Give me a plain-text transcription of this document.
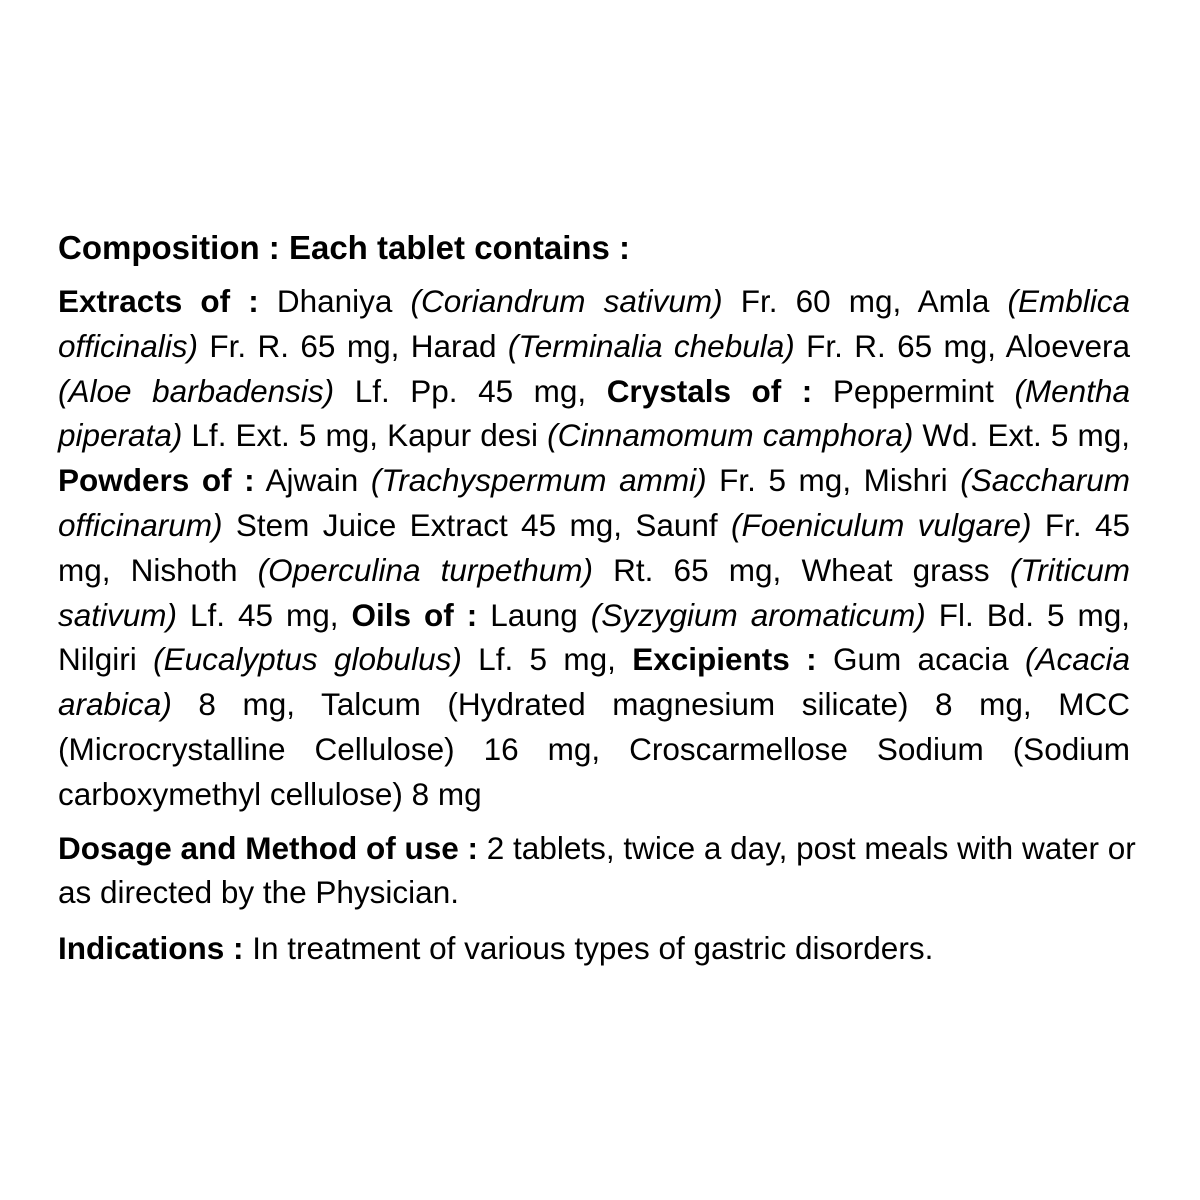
Composition : Each tablet contains :

Extracts of : Dhaniya (Coriandrum sativum) Fr. 60 mg, Amla (Emblica officinalis) Fr. R. 65 mg, Harad (Terminalia chebula) Fr. R. 65 mg, Aloevera (Aloe barbadensis) Lf. Pp. 45 mg, Crystals of : Peppermint (Mentha piperata) Lf. Ext. 5 mg, Kapur desi (Cinnamomum camphora) Wd. Ext. 5 mg, Powders of : Ajwain (Trachyspermum ammi) Fr. 5 mg, Mishri (Saccharum officinarum) Stem Juice Extract 45 mg, Saunf (Foeniculum vulgare) Fr. 45 mg, Nishoth (Operculina turpethum) Rt. 65 mg, Wheat grass (Triticum sativum) Lf. 45 mg, Oils of : Laung (Syzygium aromaticum) Fl. Bd. 5 mg, Nilgiri (Eucalyptus globulus) Lf. 5 mg, Excipients : Gum acacia (Acacia arabica) 8 mg, Talcum (Hydrated magnesium silicate) 8 mg, MCC (Microcrystalline Cellulose) 16 mg, Croscarmellose Sodium (Sodium carboxymethyl cellulose) 8 mg

Dosage and Method of use : 2 tablets, twice a day, post meals with water or as directed by the Physician.

Indications : In treatment of various types of gastric disorders.
